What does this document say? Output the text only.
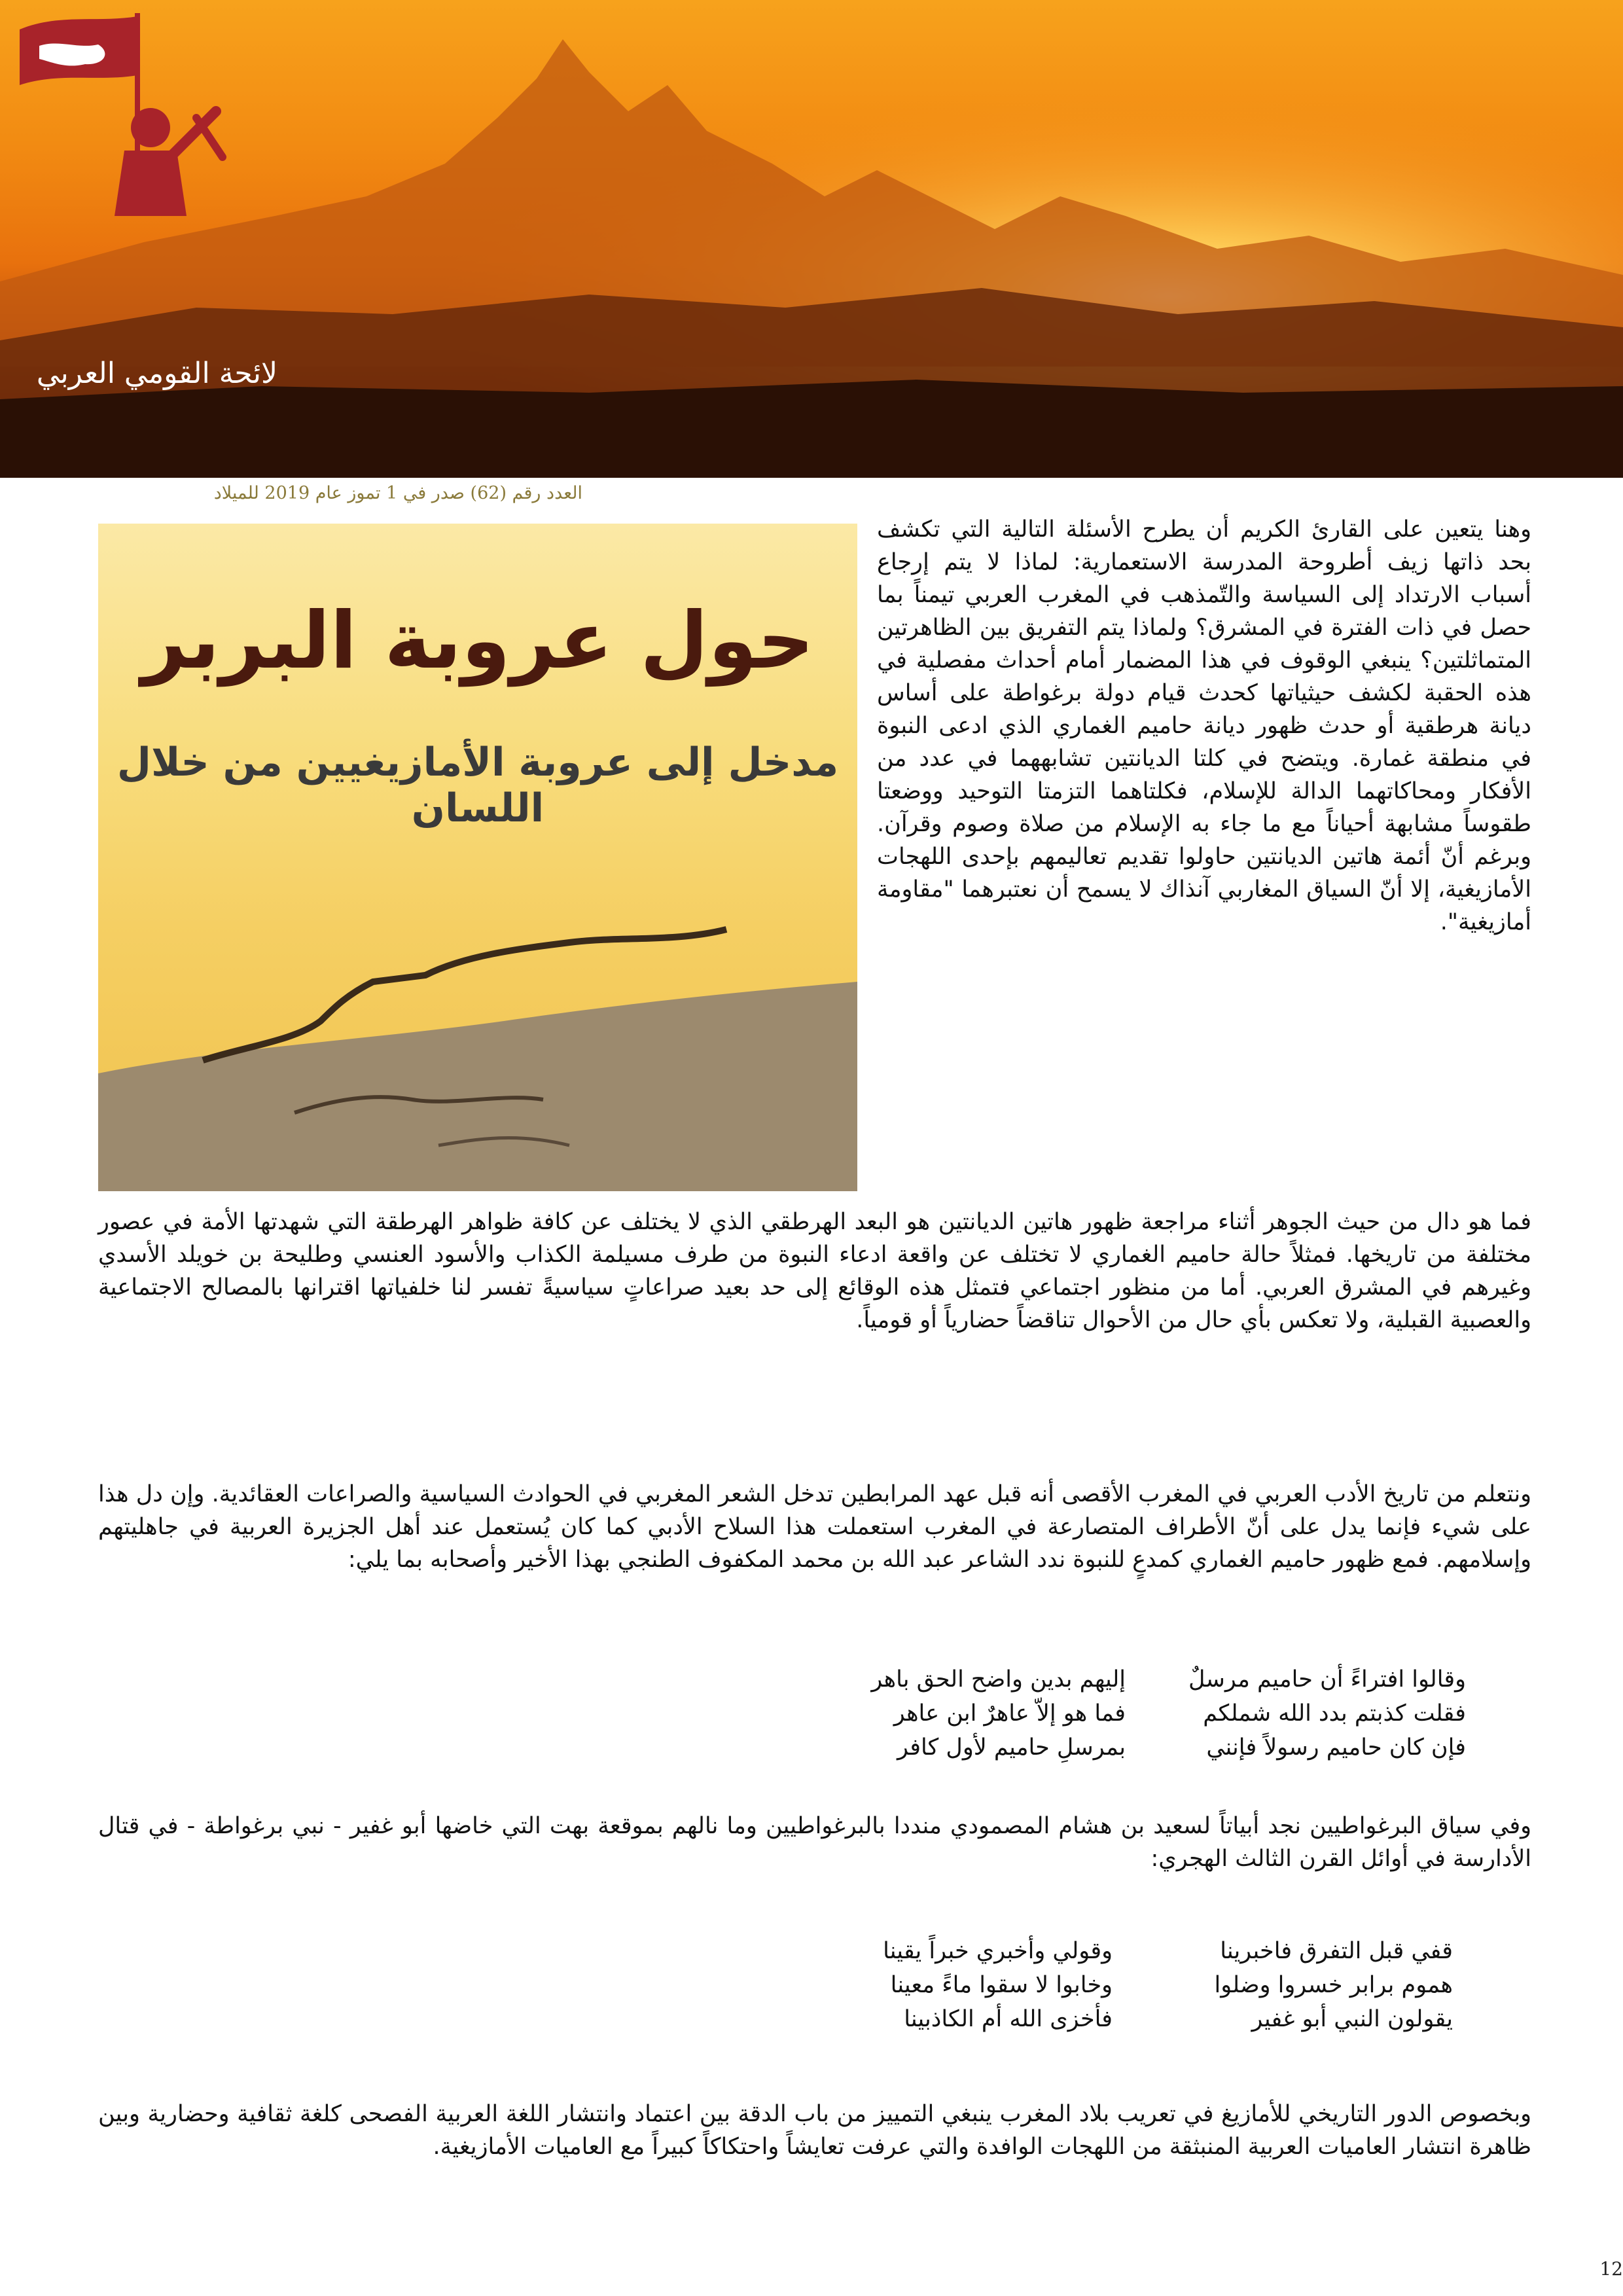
لائحة القومي العربي
العدد رقم (62) صدر في 1 تموز عام 2019 للميلاد
حول عروبة البربر
مدخل إلى عروبة الأمازيغيين من خلال اللسان

وهنا يتعين على القارئ الكريم أن يطرح الأسئلة التالية التي تكشف بحد ذاتها زيف أطروحة المدرسة الاستعمارية: لماذا لا يتم إرجاع أسباب الارتداد إلى السياسة والتّمذهب في المغرب العربي تيمناً بما حصل في ذات الفترة في المشرق؟ ولماذا يتم التفريق بين الظاهرتين المتماثلتين؟ ينبغي الوقوف في هذا المضمار أمام أحداث مفصلية في هذه الحقبة لكشف حيثياتها كحدث قيام دولة برغواطة على أساس ديانة هرطقية أو حدث ظهور ديانة حاميم الغماري الذي ادعى النبوة في منطقة غمارة. ويتضح في كلتا الديانتين تشابههما في عدد من الأفكار ومحاكاتهما الدالة للإسلام، فكلتاهما التزمتا التوحيد ووضعتا طقوساً مشابهة أحياناً مع ما جاء به الإسلام من صلاة وصوم وقرآن. وبرغم أنّ أئمة هاتين الديانتين حاولوا تقديم تعاليمهم بإحدى اللهجات الأمازيغية، إلا أنّ السياق المغاربي آنذاك لا يسمح أن نعتبرهما "مقاومة أمازيغية".

فما هو دال من حيث الجوهر أثناء مراجعة ظهور هاتين الديانتين هو البعد الهرطقي الذي لا يختلف عن كافة ظواهر الهرطقة التي شهدتها الأمة في عصور مختلفة من تاريخها. فمثلاً حالة حاميم الغماري لا تختلف عن واقعة ادعاء النبوة من طرف مسيلمة الكذاب والأسود العنسي وطليحة بن خويلد الأسدي وغيرهم في المشرق العربي. أما من منظور اجتماعي فتمثل هذه الوقائع إلى حد بعيد صراعاتٍ سياسيةً تفسر لنا خلفياتها اقترانها بالمصالح الاجتماعية والعصبية القبلية، ولا تعكس بأي حال من الأحوال تناقضاً حضارياً أو قومياً.

ونتعلم من تاريخ الأدب العربي في المغرب الأقصى أنه قبل عهد المرابطين تدخل الشعر المغربي في الحوادث السياسية والصراعات العقائدية. وإن دل هذا على شيء فإنما يدل على أنّ الأطراف المتصارعة في المغرب استعملت هذا السلاح الأدبي كما كان يُستعمل عند أهل الجزيرة العربية في جاهليتهم وإسلامهم. فمع ظهور حاميم الغماري كمدعٍ للنبوة ندد الشاعر عبد الله بن محمد المكفوف الطنجي بهذا الأخير وأصحابه بما يلي:

وقالوا افتراءً أن حاميم مرسلٌ
إليهم بدين واضح الحق باهر
فقلت كذبتم بدد الله شملكم
فما هو إلاّ عاهرٌ ابن عاهر
فإن كان حاميم رسولاً فإنني
بمرسلِ حاميم لأول كافر

وفي سياق البرغواطيين نجد أبياتاً لسعيد بن هشام المصمودي منددا بالبرغواطيين وما نالهم بموقعة بهت التي خاضها أبو غفير - نبي برغواطة - في قتال الأدارسة في أوائل القرن الثالث الهجري:

قفي قبل التفرق فاخبرينا
وقولي وأخبري خبراً يقينا
هموم برابر خسروا وضلوا
وخابوا لا سقوا ماءً معينا
يقولون النبي أبو غفير
فأخزى الله أم الكاذبينا

وبخصوص الدور التاريخي للأمازيغ في تعريب بلاد المغرب ينبغي التمييز من باب الدقة بين اعتماد وانتشار اللغة العربية الفصحى كلغة ثقافية وحضارية وبين ظاهرة انتشار العاميات العربية المنبثقة من اللهجات الوافدة والتي عرفت تعايشاً واحتكاكاً كبيراً مع العاميات الأمازيغية.

12
